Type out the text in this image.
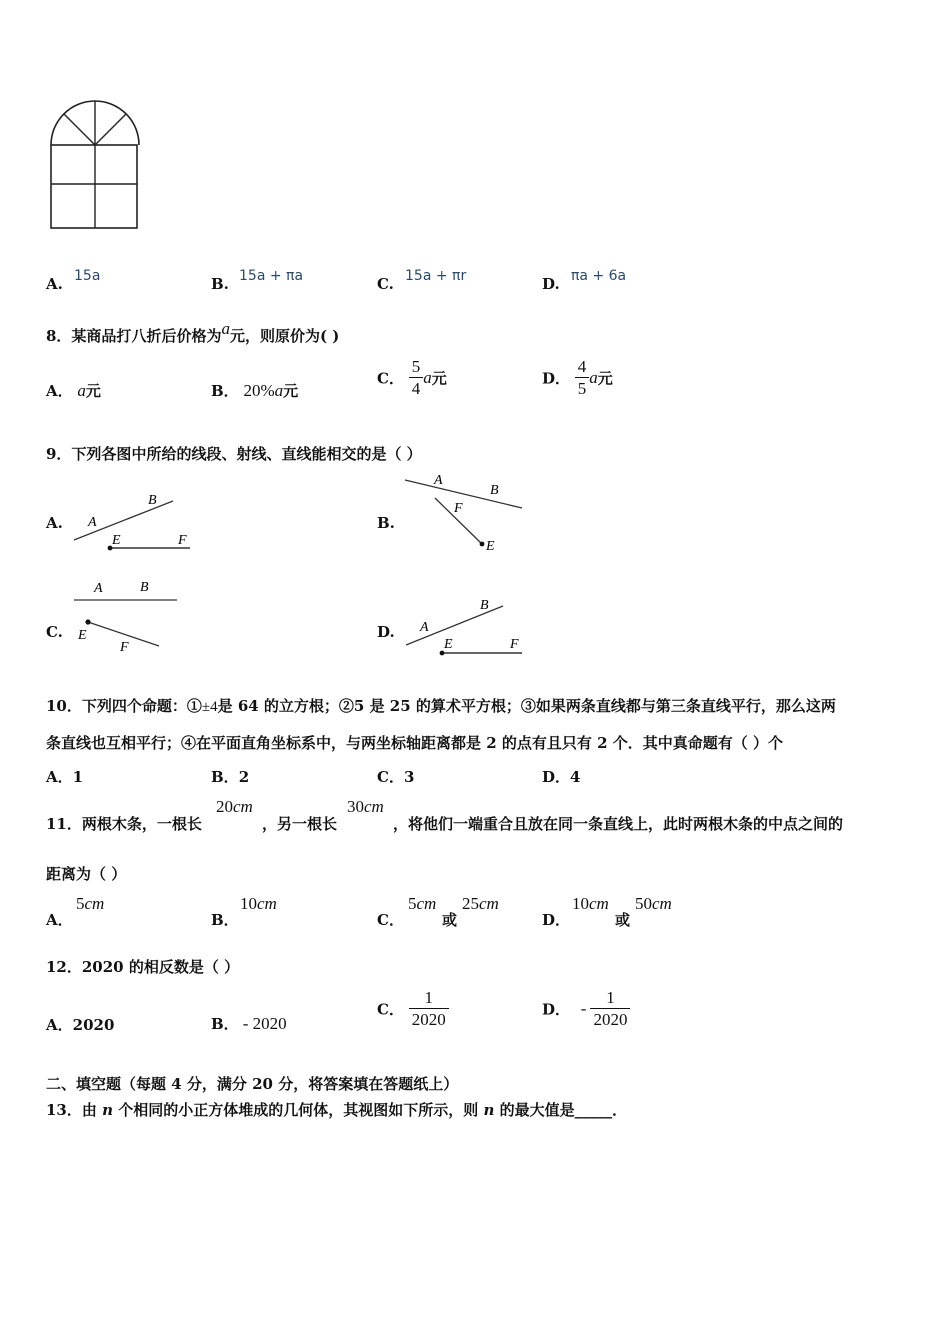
A. 15a	B. 15a + πa	C. 15a + πr	D. πa + 6a
8．某商品打八折后价格为a元，则原价为( )
A． a元	B． 20%a元
C． $\frac{5}{4}$ a元	D． $\frac{4}{5}$ a元
9．下列各图中所给的线段、射线、直线能相交的是（ ）
A. A
B
E	F
B.
A
B
F
E
C.
A	B
E
F
D. A
B
E	F
10．下列四个命题：①±4是 64 的立方根；②5 是 25 的算术平方根；③如果两条直线都与第三条直线平行，那么这两
条直线也互相平行；④在平面直角坐标系中，与两坐标轴距离都是 2 的点有且只有 2 个．其中真命题有（ ）个
A．1	B．2	C．3	D．4
11．两根木条，一根长
20cm
，另一根长
30cm
，将他们一端重合且放在同一条直线上，此时两根木条的中点之间的
距离为（ ）
A．
5cm
B．
10cm
C．
5cm
或
25cm
D．
10cm
或
50cm
12．2020 的相反数是（ ）
A．2020	B． - 2020
C． $\frac{1}{2020}$	D． - $\frac{1}{2020}$
二、填空题（每题 4 分，满分 20 分，将答案填在答题纸上）
13．由 n 个相同的小正方体堆成的几何体，其视图如下所示，则 n 的最大值是_____．
